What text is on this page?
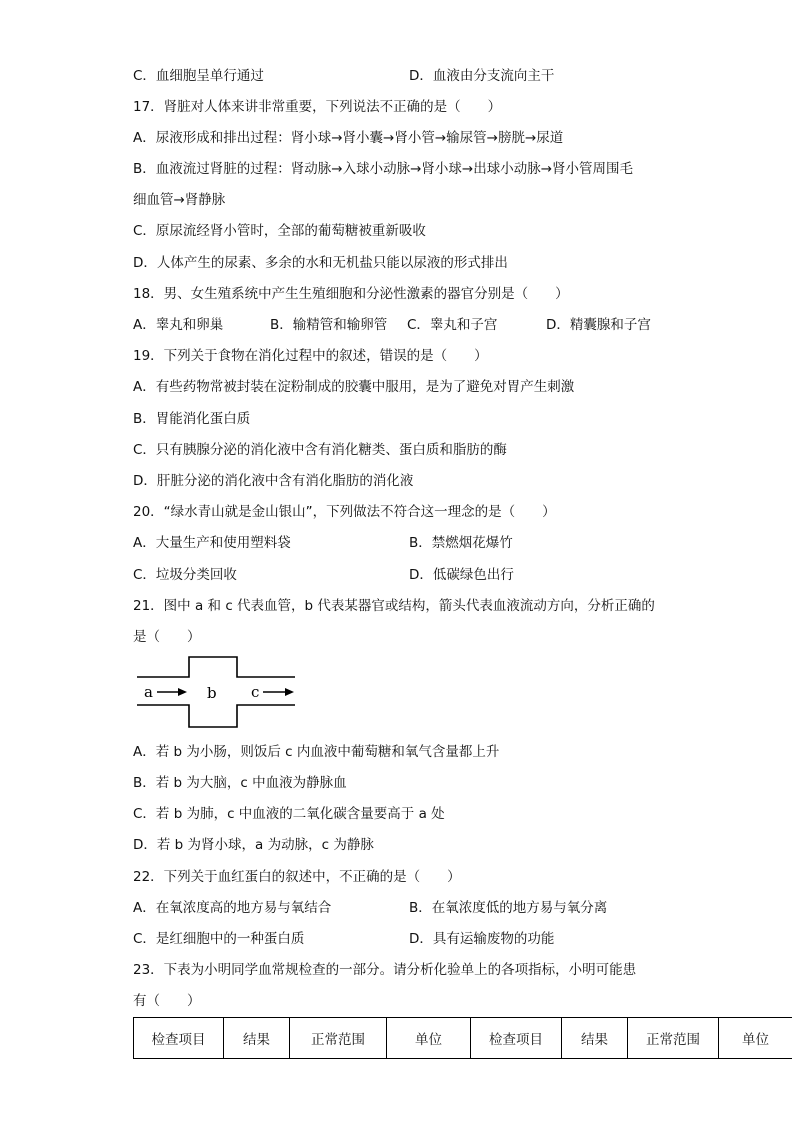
C．血细胞呈单行通过	D．血液由分支流向主干
17．肾脏对人体来讲非常重要，下列说法不正确的是（　　）
A．尿液形成和排出过程：肾小球→肾小囊→肾小管→输尿管→膀胱→尿道
B．血液流过肾脏的过程：肾动脉→入球小动脉→肾小球→出球小动脉→肾小管周围毛
细血管→肾静脉
C．原尿流经肾小管时，全部的葡萄糖被重新吸收
D．人体产生的尿素、多余的水和无机盐只能以尿液的形式排出
18．男、女生殖系统中产生生殖细胞和分泌性激素的器官分别是（　　）
A．睾丸和卵巢	B．输精管和输卵管 C．睾丸和子宫	D．精囊腺和子宫
19．下列关于食物在消化过程中的叙述，错误的是（　　）
A．有些药物常被封装在淀粉制成的胶囊中服用，是为了避免对胃产生刺激
B．胃能消化蛋白质
C．只有胰腺分泌的消化液中含有消化糖类、蛋白质和脂肪的酶
D．肝脏分泌的消化液中含有消化脂肪的消化液
20．“绿水青山就是金山银山”，下列做法不符合这一理念的是（　　）
A．大量生产和使用塑料袋	B．禁燃烟花爆竹
C．垃圾分类回收	D．低碳绿色出行
21．图中 a 和 c 代表血管，b 代表某器官或结构，箭头代表血液流动方向，分析正确的
是（　　）
a	b c
A．若 b 为小肠，则饭后 c 内血液中葡萄糖和氧气含量都上升
B．若 b 为大脑，c 中血液为静脉血
C．若 b 为肺，c 中血液的二氧化碳含量要高于 a 处
D．若 b 为肾小球，a 为动脉，c 为静脉
22．下列关于血红蛋白的叙述中，不正确的是（　　）
A．在氧浓度高的地方易与氧结合	B．在氧浓度低的地方易与氧分离
C．是红细胞中的一种蛋白质	D．具有运输废物的功能
23．下表为小明同学血常规检查的一部分。请分析化验单上的各项指标，小明可能患
有（　　）
检查项目	结果	正常范围	单位	检查项目	结果	正常范围	单位
